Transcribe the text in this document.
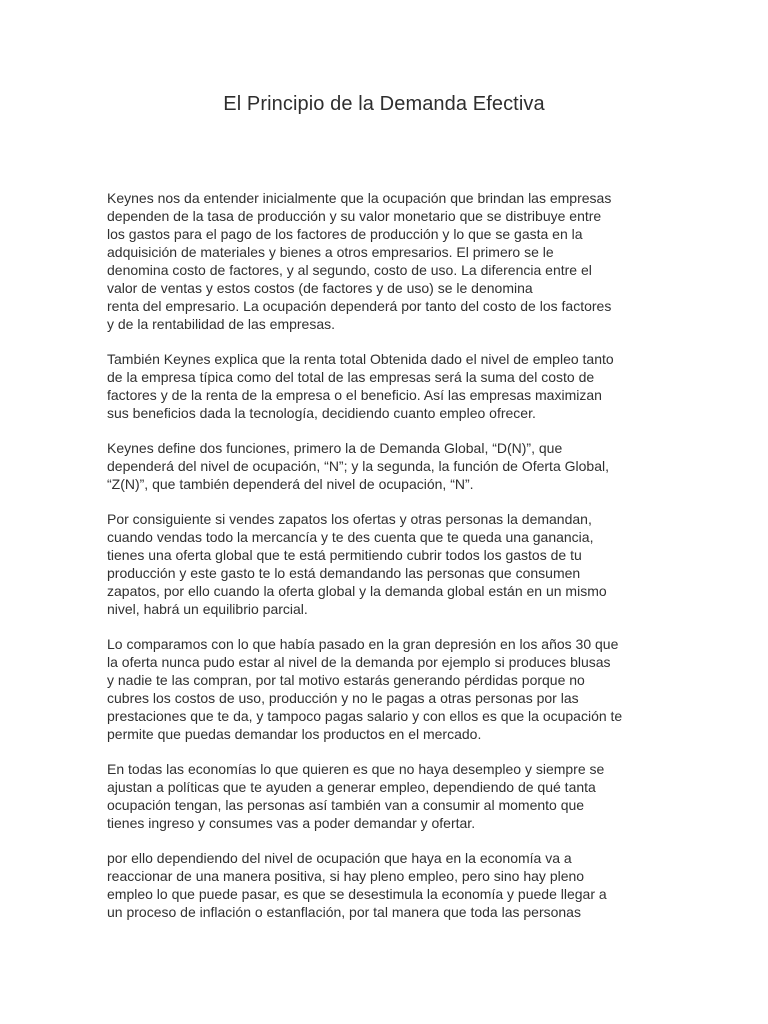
El Principio de la Demanda Efectiva

Keynes nos da entender inicialmente que la ocupación que brindan las empresas
dependen de la tasa de producción y su valor monetario que se distribuye entre
los gastos para el pago de los factores de producción y lo que se gasta en la
adquisición de materiales y bienes a otros empresarios. El primero se le
denomina costo de factores, y al segundo, costo de uso. La diferencia entre el
valor de ventas y estos costos (de factores y de uso) se le denomina
renta del empresario. La ocupación dependerá por tanto del costo de los factores
y de la rentabilidad de las empresas.

También Keynes explica que la renta total Obtenida dado el nivel de empleo tanto
de la empresa típica como del total de las empresas será la suma del costo de
factores y de la renta de la empresa o el beneficio. Así las empresas maximizan
sus beneficios dada la tecnología, decidiendo cuanto empleo ofrecer.

Keynes define dos funciones, primero la de Demanda Global, “D(N)”, que
dependerá del nivel de ocupación, “N”; y la segunda, la función de Oferta Global,
“Z(N)”, que también dependerá del nivel de ocupación, “N”.

Por consiguiente si vendes zapatos los ofertas y otras personas la demandan,
cuando vendas todo la mercancía y te des cuenta que te queda una ganancia,
tienes una oferta global que te está permitiendo cubrir todos los gastos de tu
producción y este gasto te lo está demandando las personas que consumen
zapatos, por ello cuando la oferta global y la demanda global están en un mismo
nivel, habrá un equilibrio parcial.

Lo comparamos con lo que había pasado en la gran depresión en los años 30 que
la oferta nunca pudo estar al nivel de la demanda por ejemplo si produces blusas
y nadie te las compran, por tal motivo estarás generando pérdidas porque no
cubres los costos de uso, producción y no le pagas a otras personas por las
prestaciones que te da, y tampoco pagas salario y con ellos es que la ocupación te
permite que puedas demandar los productos en el mercado.

En todas las economías lo que quieren es que no haya desempleo y siempre se
ajustan a políticas que te ayuden a generar empleo, dependiendo de qué tanta
ocupación tengan, las personas así también van a consumir al momento que
tienes ingreso y consumes vas a poder demandar y ofertar.

por ello dependiendo del nivel de ocupación que haya en la economía va a
reaccionar de una manera positiva, si hay pleno empleo, pero sino hay pleno
empleo lo que puede pasar, es que se desestimula la economía y puede llegar a
un proceso de inflación o estanflación, por tal manera que toda las personas
